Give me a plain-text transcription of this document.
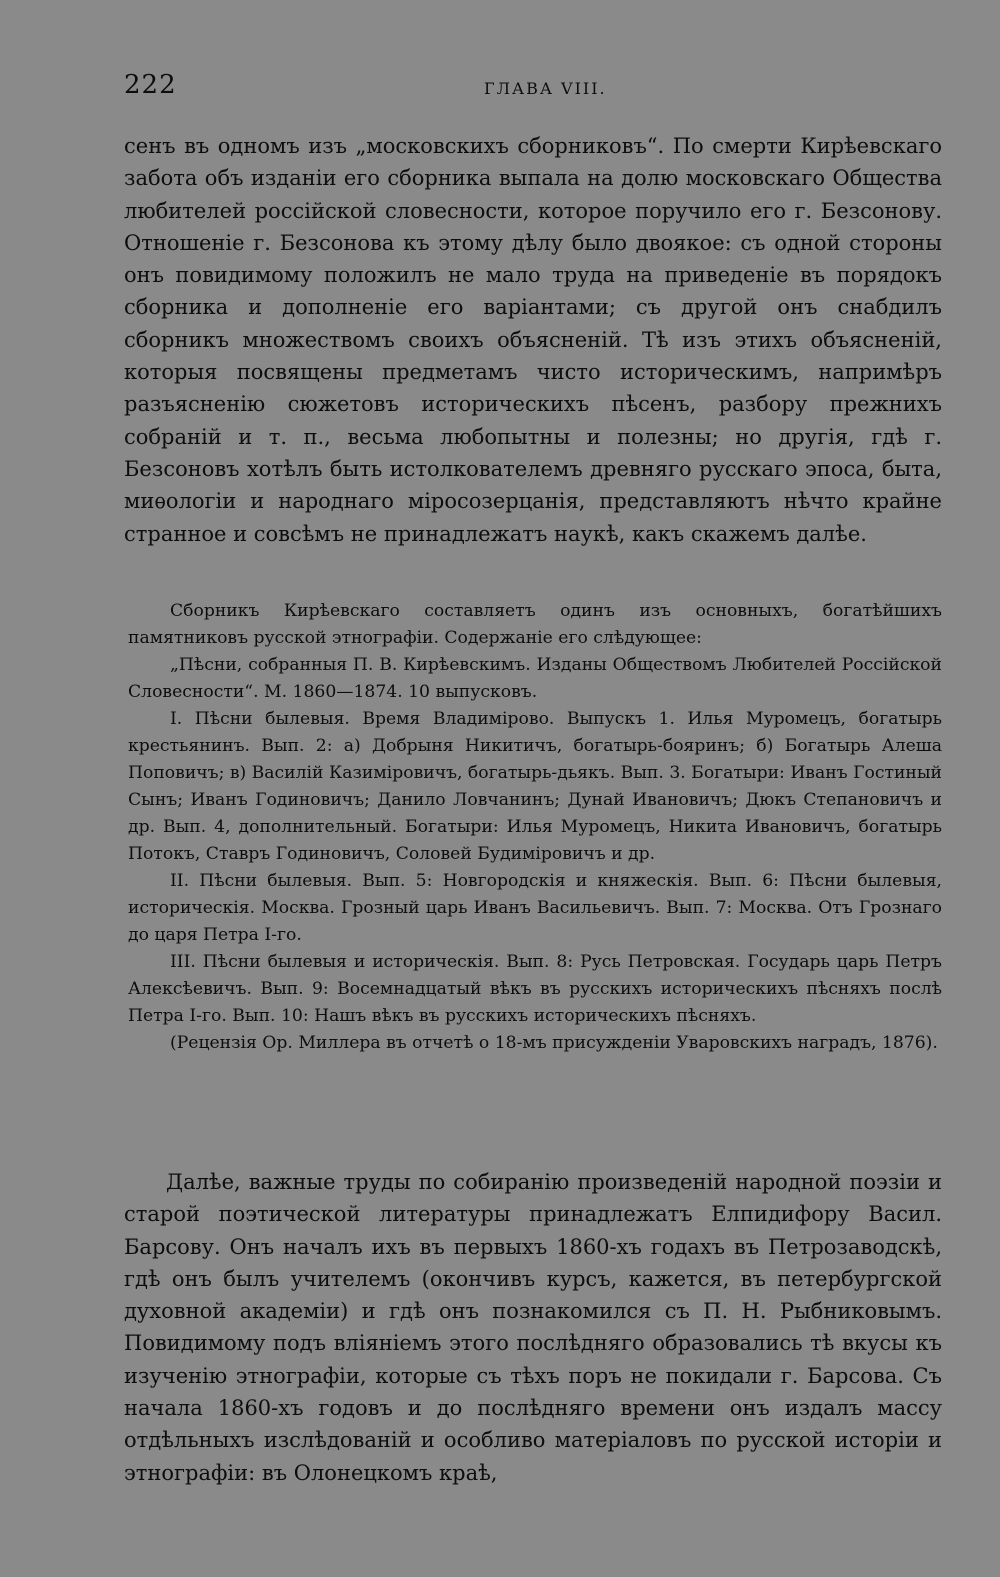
222	ГЛАВА VIII.

сенъ въ одномъ изъ „московскихъ сборниковъ“. По смерти Кирѣевскаго забота объ изданіи его сборника выпала на долю московскаго Общества любителей россійской словесности, которое поручило его г. Безсонову. Отношеніе г. Безсонова къ этому дѣлу было двоякое: съ одной стороны онъ повидимому положилъ не мало труда на приведеніе въ порядокъ сборника и дополненіе его варіантами; съ другой онъ снабдилъ сборникъ множествомъ своихъ объясненій. Тѣ изъ этихъ объясненій, которыя посвящены предметамъ чисто историческимъ, напримѣръ разъясненію сюжетовъ историческихъ пѣсенъ, разбору прежнихъ собраній и т. п., весьма любопытны и полезны; но другія, гдѣ г. Безсоновъ хотѣлъ быть истолкователемъ древняго русскаго эпоса, быта, миѳологіи и народнаго міросозерцанія, представляютъ нѣчто крайне странное и совсѣмъ не принадлежатъ наукѣ, какъ скажемъ далѣе.

Сборникъ Кирѣевскаго составляетъ одинъ изъ основныхъ, богатѣйшихъ памятниковъ русской этнографіи. Содержаніе его слѣдующее:

„Пѣсни, собранныя П. В. Кирѣевскимъ. Изданы Обществомъ Любителей Россійской Словесности“. М. 1860—1874. 10 выпусковъ.

I. Пѣсни былевыя. Время Владимірово. Выпускъ 1. Илья Муромецъ, богатырь крестьянинъ. Вып. 2: а) Добрыня Никитичъ, богатырь-бояринъ; б) Богатырь Алеша Поповичъ; в) Василій Казиміровичъ, богатырь-дьякъ. Вып. 3. Богатыри: Иванъ Гостиный Сынъ; Иванъ Годиновичъ; Данило Ловчанинъ; Дунай Ивановичъ; Дюкъ Степановичъ и др. Вып. 4, дополнительный. Богатыри: Илья Муромецъ, Никита Ивановичъ, богатырь Потокъ, Ставръ Годиновичъ, Соловей Будиміровичъ и др.

II. Пѣсни былевыя. Вып. 5: Новгородскія и княжескія. Вып. 6: Пѣсни былевыя, историческія. Москва. Грозный царь Иванъ Васильевичъ. Вып. 7: Москва. Отъ Грознаго до царя Петра I-го.

III. Пѣсни былевыя и историческія. Вып. 8: Русь Петровская. Государь царь Петръ Алексѣевичъ. Вып. 9: Восемнадцатый вѣкъ въ русскихъ историческихъ пѣсняхъ послѣ Петра I-го. Вып. 10: Нашъ вѣкъ въ русскихъ историческихъ пѣсняхъ.

(Рецензія Ор. Миллера въ отчетѣ о 18-мъ присужденіи Уваровскихъ наградъ, 1876).

Далѣе, важные труды по собиранію произведеній народной поэзіи и старой поэтической литературы принадлежатъ Елпидифору Васил. Барсову. Онъ началъ ихъ въ первыхъ 1860-хъ годахъ въ Петрозаводскѣ, гдѣ онъ былъ учителемъ (окончивъ курсъ, кажется, въ петербургской духовной академіи) и гдѣ онъ познакомился съ П. Н. Рыбниковымъ. Повидимому подъ вліяніемъ этого послѣдняго образовались тѣ вкусы къ изученію этнографіи, которые съ тѣхъ поръ не покидали г. Барсова. Съ начала 1860-хъ годовъ и до послѣдняго времени онъ издалъ массу отдѣльныхъ изслѣдованій и особливо матеріаловъ по русской исторіи и этнографіи: въ Олонецкомъ краѣ,
